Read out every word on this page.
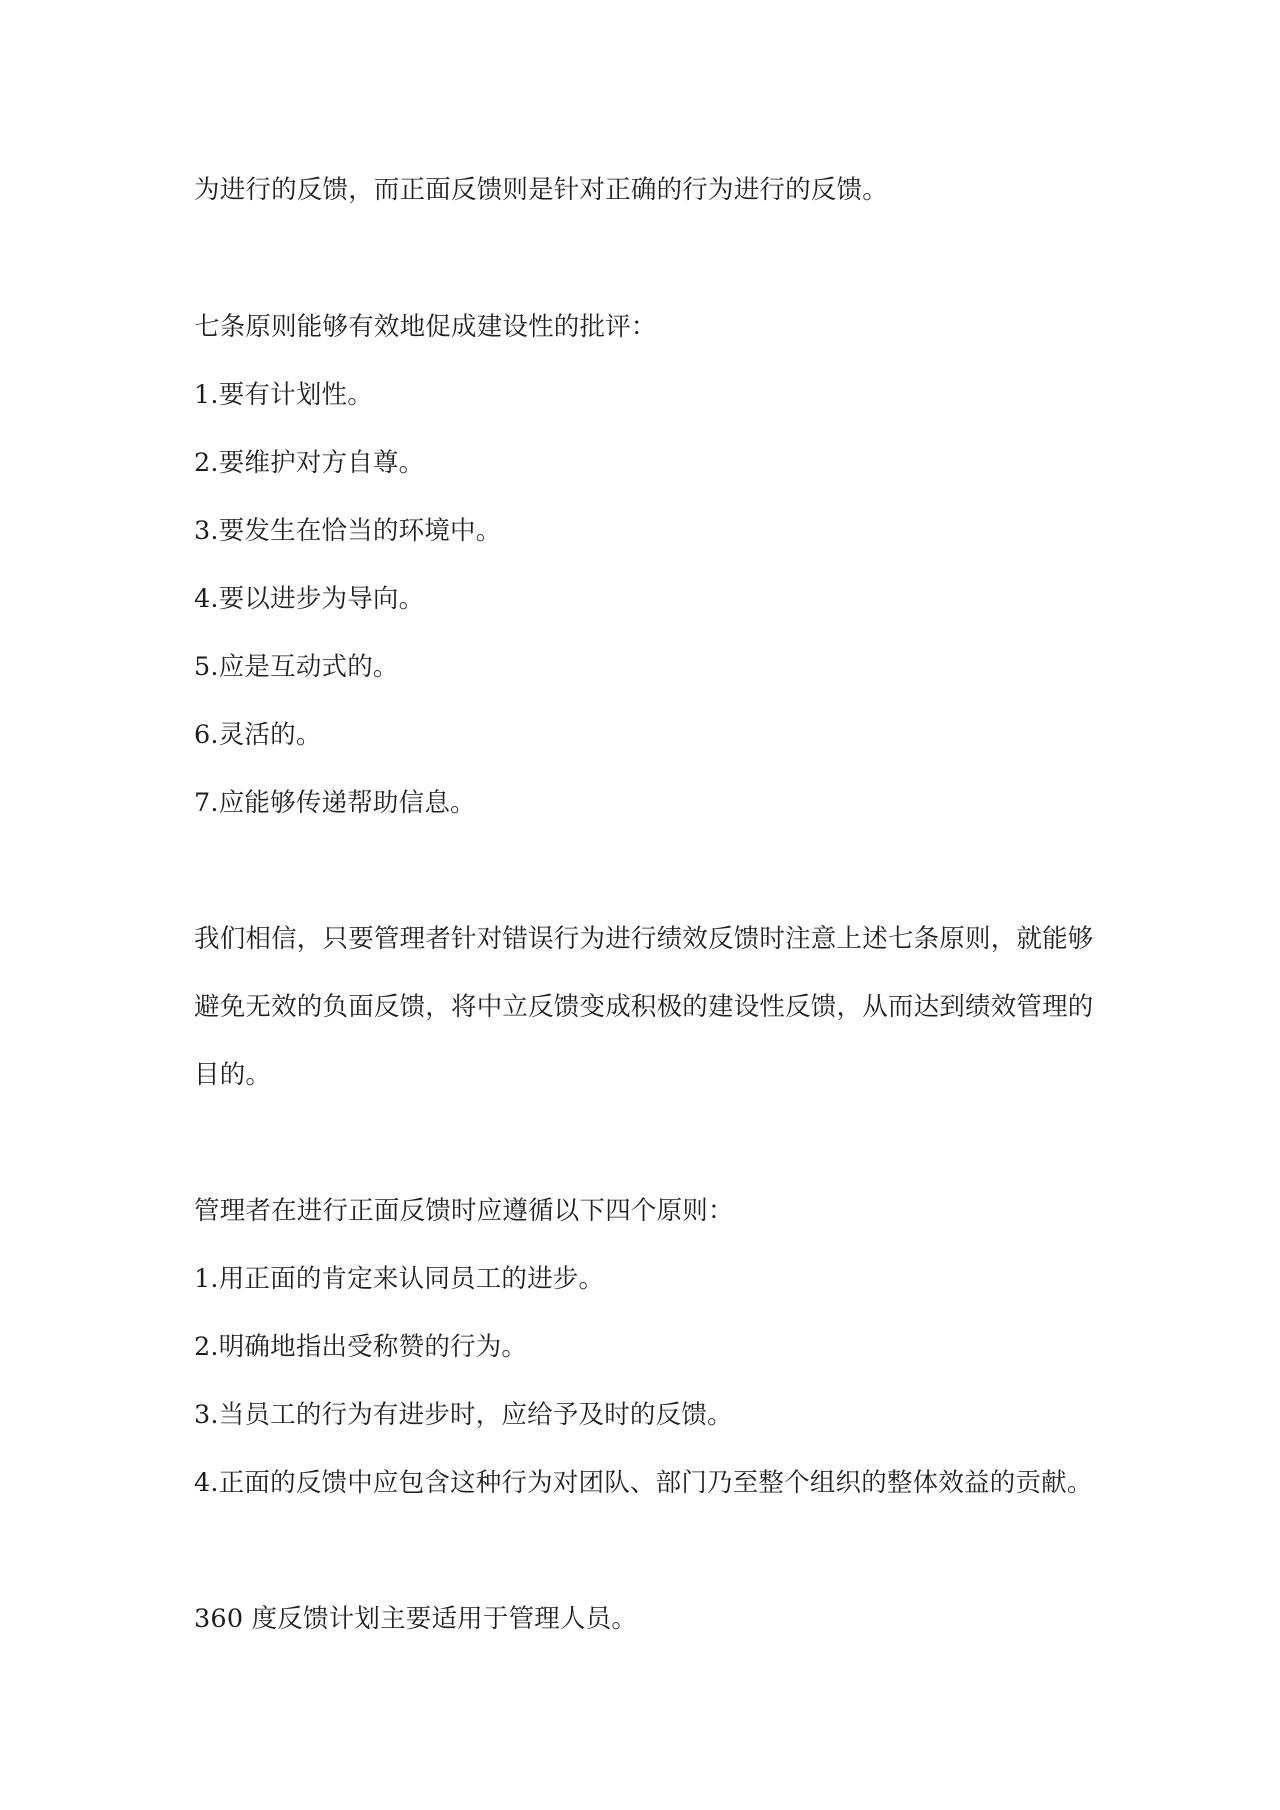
为进行的反馈，而正面反馈则是针对正确的行为进行的反馈。
七条原则能够有效地促成建设性的批评：
1.要有计划性。
2.要维护对方自尊。
3.要发生在恰当的环境中。
4.要以进步为导向。
5.应是互动式的。
6.灵活的。
7.应能够传递帮助信息。
我们相信，只要管理者针对错误行为进行绩效反馈时注意上述七条原则，就能够
避免无效的负面反馈，将中立反馈变成积极的建设性反馈，从而达到绩效管理的
目的。
管理者在进行正面反馈时应遵循以下四个原则：
1.用正面的肯定来认同员工的进步。
2.明确地指出受称赞的行为。
3.当员工的行为有进步时，应给予及时的反馈。
4.正面的反馈中应包含这种行为对团队、部门乃至整个组织的整体效益的贡献。
360 度反馈计划主要适用于管理人员。
